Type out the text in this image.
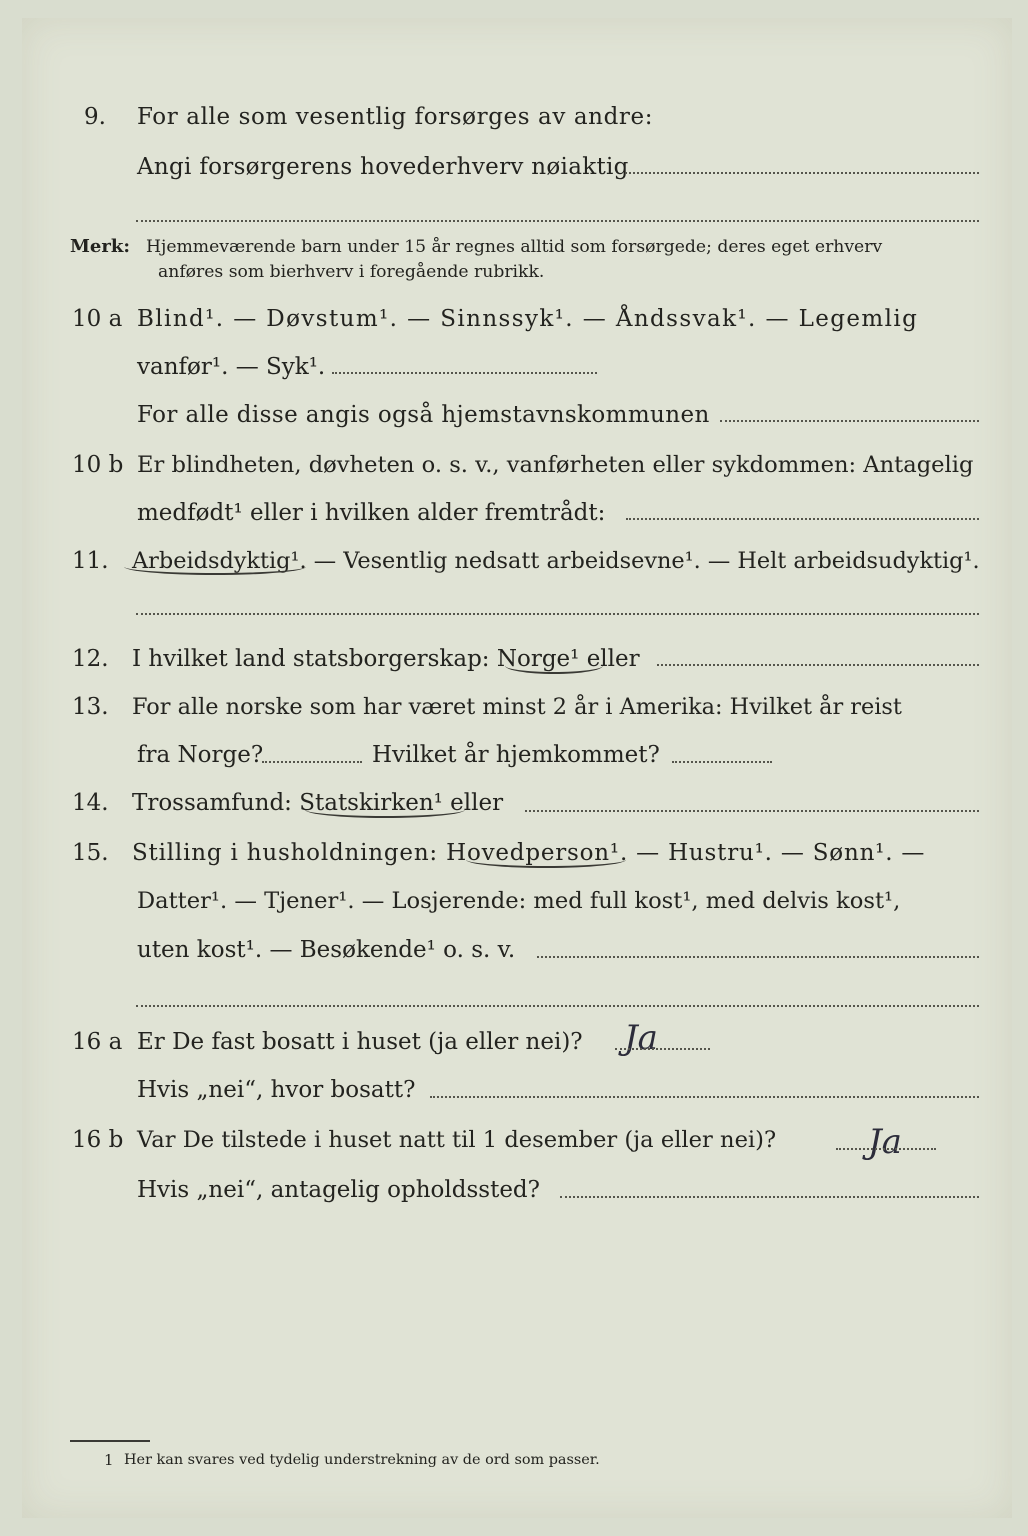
9. For alle som vesentlig forsørges av andre:
Angi forsørgerens hovederhverv nøiaktig
Merk: Hjemmeværende barn under 15 år regnes alltid som forsørgede; deres eget erhverv
anføres som bierhverv i foregående rubrikk.
10 a Blind¹. — Døvstum¹. — Sinnssyk¹. — Åndssvak¹. — Legemlig
vanfør¹. — Syk¹.
For alle disse angis også hjemstavnskommunen
10 b Er blindheten, døvheten o. s. v., vanførheten eller sykdommen: Antagelig
medfødt¹ eller i hvilken alder fremtrådt:
11. Arbeidsdyktig¹. — Vesentlig nedsatt arbeidsevne¹. — Helt arbeidsudyktig¹.
12. I hvilket land statsborgerskap: Norge¹ eller
13. For alle norske som har været minst 2 år i Amerika: Hvilket år reist
fra Norge?	Hvilket år hjemkommet?
14. Trossamfund: Statskirken¹ eller
15. Stilling i husholdningen: Hovedperson¹. — Hustru¹. — Sønn¹. —
Datter¹. — Tjener¹. — Losjerende: med full kost¹, med delvis kost¹,
uten kost¹. — Besøkende¹ o. s. v.
16 a Er De fast bosatt i huset (ja eller nei)? Ja
Hvis „nei“, hvor bosatt?
16 b Var De tilstede i huset natt til 1 desember (ja eller nei)?	Ja
Hvis „nei“, antagelig opholdssted?
1 Her kan svares ved tydelig understrekning av de ord som passer.
